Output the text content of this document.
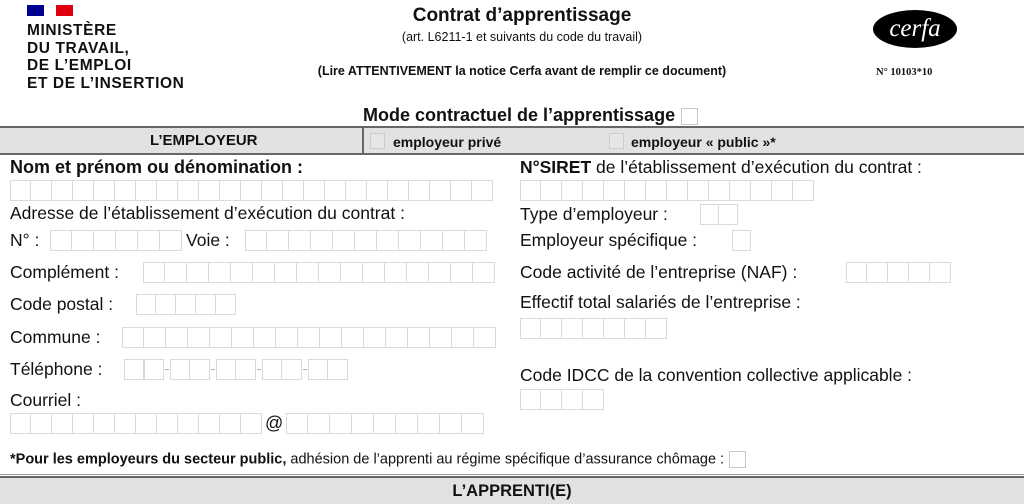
MINISTÈRE
DU TRAVAIL,
DE L’EMPLOI
ET DE L’INSERTION
Contrat d’apprentissage
(art. L6211-1 et suivants du code du travail)
(Lire ATTENTIVEMENT la notice Cerfa avant de remplir ce document)
cerfa
N° 10103*10
Mode contractuel de l’apprentissage
L’EMPLOYEUR	employeur privé	employeur « public »*
Nom et prénom ou dénomination :
Adresse de l’établissement d’exécution du contrat :
N° :	Voie :
Complément :
Code postal :
Commune :
Téléphone :
Courriel :
@
N°SIRET de l’établissement d’exécution du contrat :
Type d’employeur :
Employeur spécifique :
Code activité de l’entreprise (NAF) :
Effectif total salariés de l’entreprise :
Code IDCC de la convention collective applicable :
*Pour les employeurs du secteur public, adhésion de l’apprenti au régime spécifique d’assurance chômage :
L’APPRENTI(E)
